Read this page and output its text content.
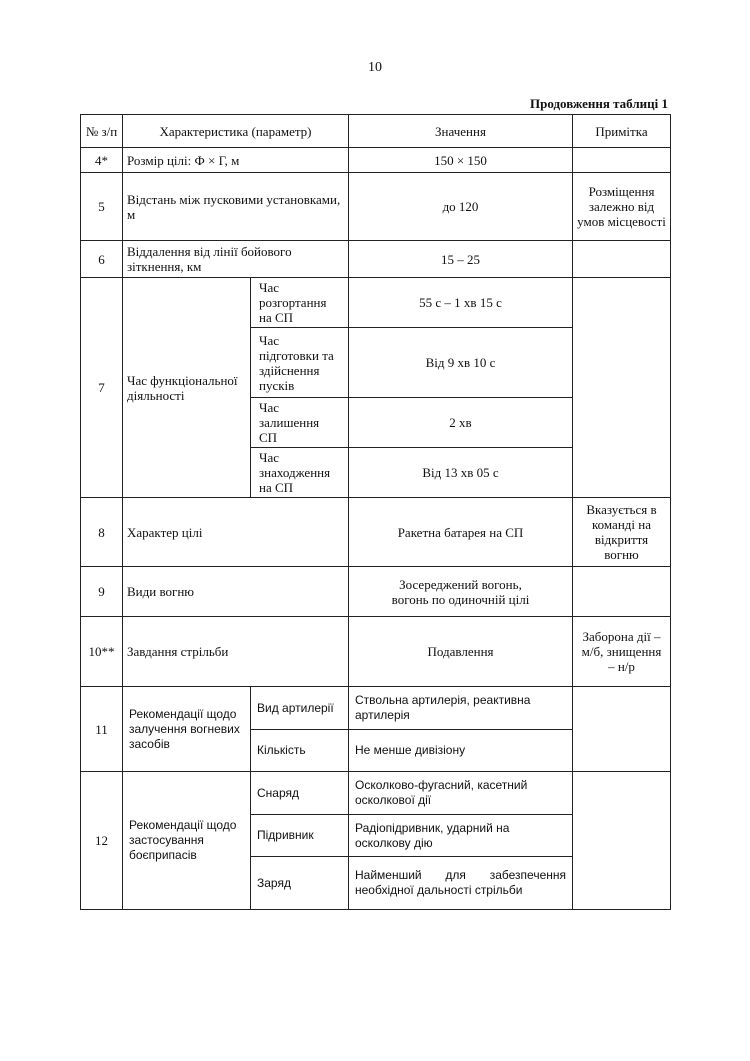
10
Продовження таблиці 1
№ з/п	Характеристика (параметр)		Значення	Примітка
4*	Розмір цілі: Ф × Г, м		150 × 150	
5	Відстань між пусковими установками, м		до 120	Розміщення залежно від умов місцевості
6	Віддалення від лінії бойового зіткнення, км		15 – 25	
7	Час функціональної діяльності	Час розгортання на СП	55 с – 1 хв 15 с	
		Час підготовки та здійснення пусків	Від 9 хв 10 с	
		Час залишення СП	2 хв	
		Час знаходження на СП	Від 13 хв 05 с	
8	Характер цілі		Ракетна батарея на СП	Вказується в команді на відкриття вогню
9	Види вогню		Зосереджений вогонь,
вогонь по одиночній цілі	

10**	Завдання стрільби		Подавлення	Заборона дії – м/б, знищення – н/р
11	Рекомендації щодо залучення вогневих засобів	Вид артилерії	Ствольна артилерія, реактивна артилерія	
		Кількість	Не менше дивізіону	
12	Рекомендації щодо застосування боєприпасів	Снаряд	Осколково-фугасний, касетний осколкової дії	
		Підривник	Радіопідривник, ударний на осколкову дію	
		Заряд	Найменший для забезпечення необхідної дальності стрільби	
